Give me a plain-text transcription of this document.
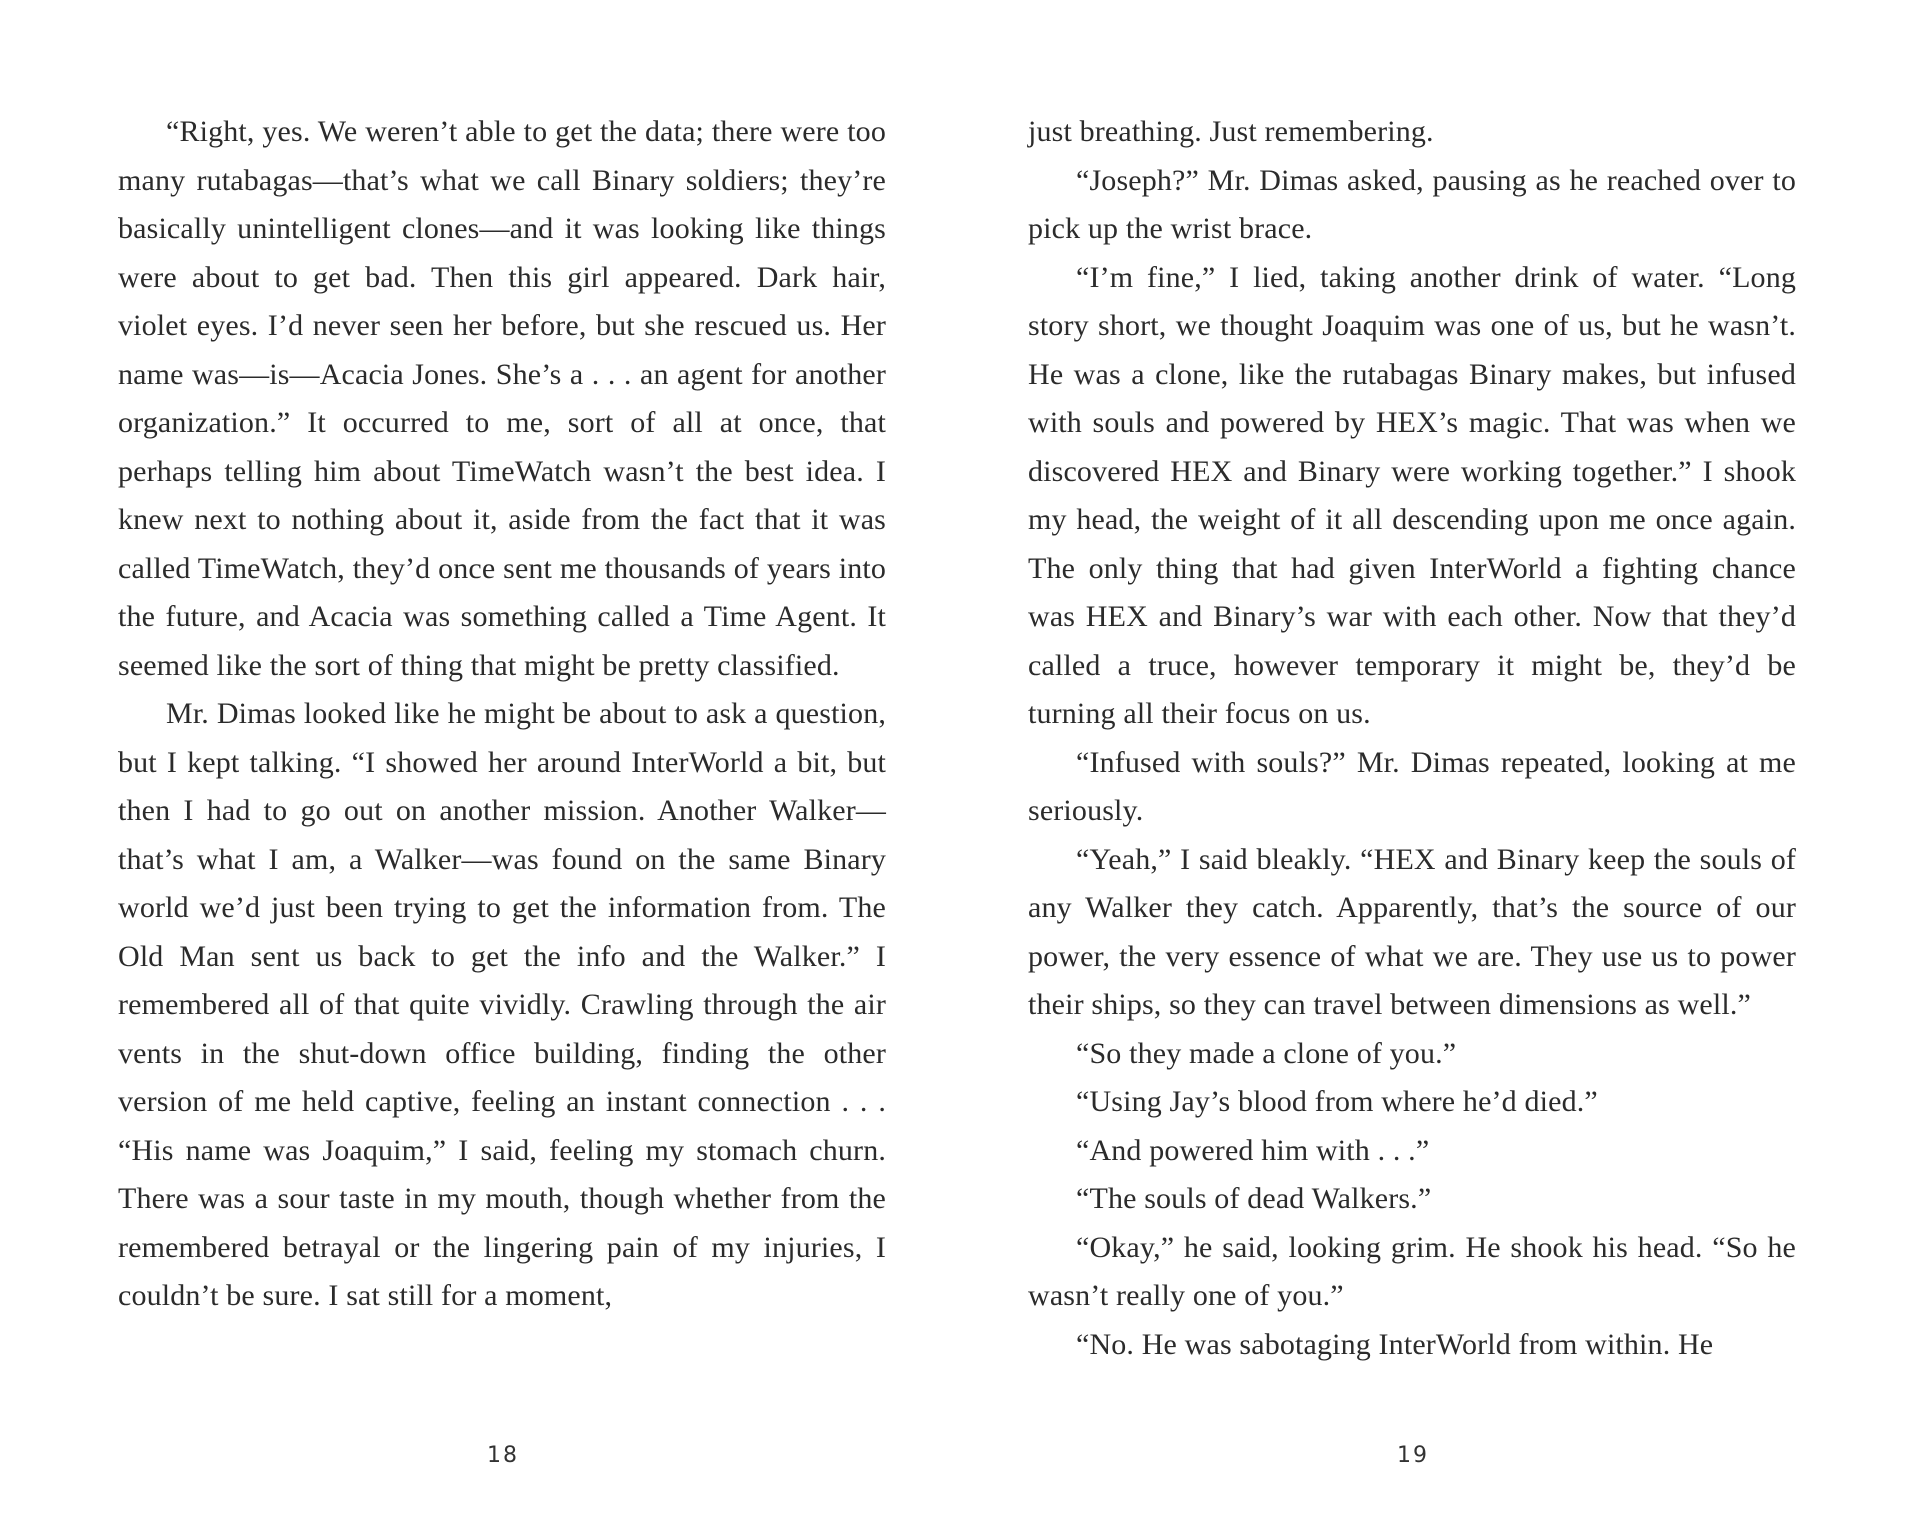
“Right, yes. We weren’t able to get the data; there were too many rutabagas—that’s what we call Binary soldiers; they’re basically unintelligent clones—and it was looking like things were about to get bad. Then this girl appeared. Dark hair, violet eyes. I’d never seen her before, but she rescued us. Her name was—is—Acacia Jones. She’s a . . . an agent for another organization.” It occurred to me, sort of all at once, that perhaps telling him about TimeWatch wasn’t the best idea. I knew next to nothing about it, aside from the fact that it was called TimeWatch, they’d once sent me thousands of years into the future, and Acacia was something called a Time Agent. It seemed like the sort of thing that might be pretty classified.

Mr. Dimas looked like he might be about to ask a question, but I kept talking. “I showed her around InterWorld a bit, but then I had to go out on another mission. Another Walker—that’s what I am, a Walker—was found on the same Binary world we’d just been trying to get the information from. The Old Man sent us back to get the info and the Walker.” I remembered all of that quite vividly. Crawling through the air vents in the shut-down office building, finding the other version of me held captive, feeling an instant connection . . . “His name was Joaquim,” I said, feeling my stomach churn. There was a sour taste in my mouth, though whether from the remembered betrayal or the lingering pain of my injuries, I couldn’t be sure. I sat still for a moment,

just breathing. Just remembering.

“Joseph?” Mr. Dimas asked, pausing as he reached over to pick up the wrist brace.

“I’m fine,” I lied, taking another drink of water. “Long story short, we thought Joaquim was one of us, but he wasn’t. He was a clone, like the rutabagas Binary makes, but infused with souls and powered by HEX’s magic. That was when we discovered HEX and Binary were working together.” I shook my head, the weight of it all descending upon me once again. The only thing that had given InterWorld a fighting chance was HEX and Binary’s war with each other. Now that they’d called a truce, however temporary it might be, they’d be turning all their focus on us.

“Infused with souls?” Mr. Dimas repeated, looking at me seriously.

“Yeah,” I said bleakly. “HEX and Binary keep the souls of any Walker they catch. Apparently, that’s the source of our power, the very essence of what we are. They use us to power their ships, so they can travel between dimensions as well.”

“So they made a clone of you.”

“Using Jay’s blood from where he’d died.”

“And powered him with . . .”

“The souls of dead Walkers.”

“Okay,” he said, looking grim. He shook his head. “So he wasn’t really one of you.”

“No. He was sabotaging InterWorld from within. He

18	19
